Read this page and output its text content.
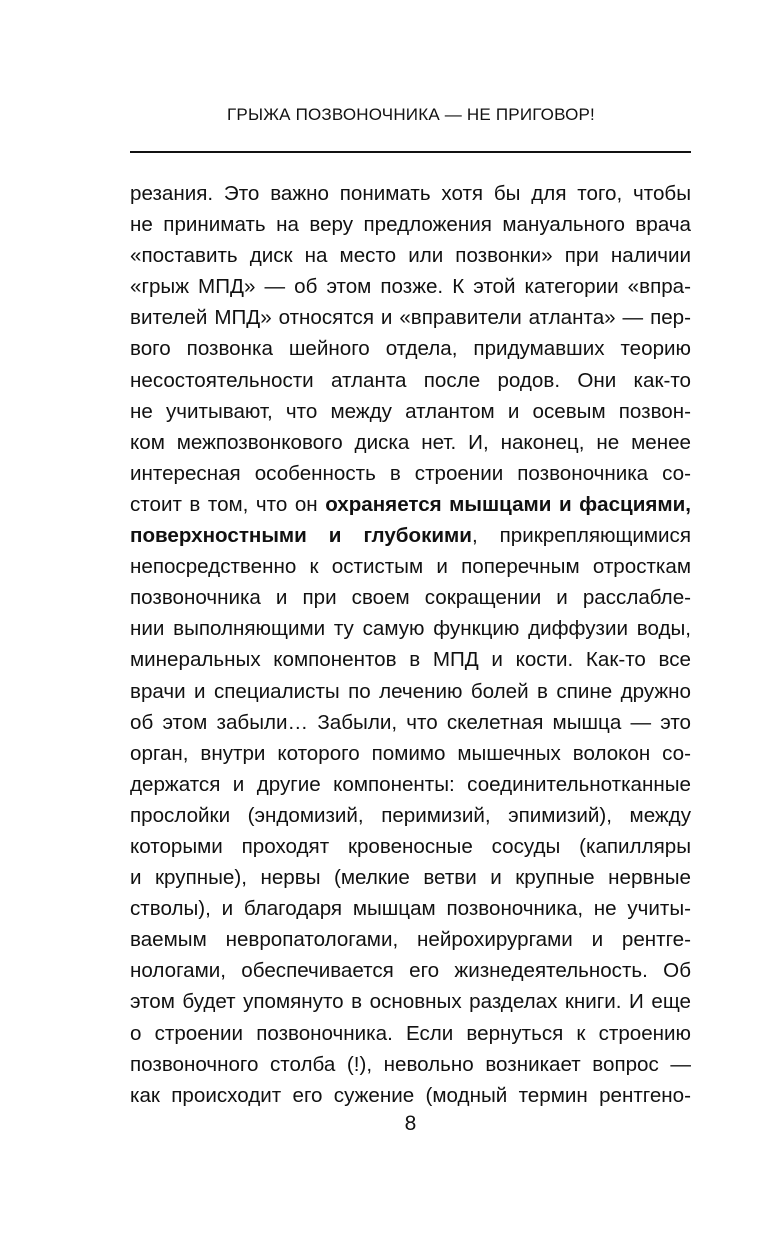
ГРЫЖА ПОЗВОНОЧНИКА — НЕ ПРИГОВОР!
резания. Это важно понимать хотя бы для того, чтобы
не принимать на веру предложения мануального врача
«поставить диск на место или позвонки» при наличии
«грыж МПД» — об этом позже. К этой категории «впра-
вителей МПД» относятся и «вправители атланта» — пер-
вого позвонка шейного отдела, придумавших теорию
несостоятельности атланта после родов. Они как-то
не учитывают, что между атлантом и осевым позвон-
ком межпозвонкового диска нет. И, наконец, не менее
интересная особенность в строении позвоночника со-
стоит в том, что он охраняется мышцами и фасциями,
поверхностными и глубокими, прикрепляющимися
непосредственно к остистым и поперечным отросткам
позвоночника и при своем сокращении и расслабле-
нии выполняющими ту самую функцию диффузии воды,
минеральных компонентов в МПД и кости. Как-то все
врачи и специалисты по лечению болей в спине дружно
об этом забыли… Забыли, что скелетная мышца — это
орган, внутри которого помимо мышечных волокон со-
держатся и другие компоненты: соединительнотканные
прослойки (эндомизий, перимизий, эпимизий), между
которыми проходят кровеносные сосуды (капилляры
и крупные), нервы (мелкие ветви и крупные нервные
стволы), и благодаря мышцам позвоночника, не учиты-
ваемым невропатологами, нейрохирургами и рентге-
нологами, обеспечивается его жизнедеятельность. Об
этом будет упомянуто в основных разделах книги. И еще
о строении позвоночника. Если вернуться к строению
позвоночного столба (!), невольно возникает вопрос —
как происходит его сужение (модный термин рентгено-
8
